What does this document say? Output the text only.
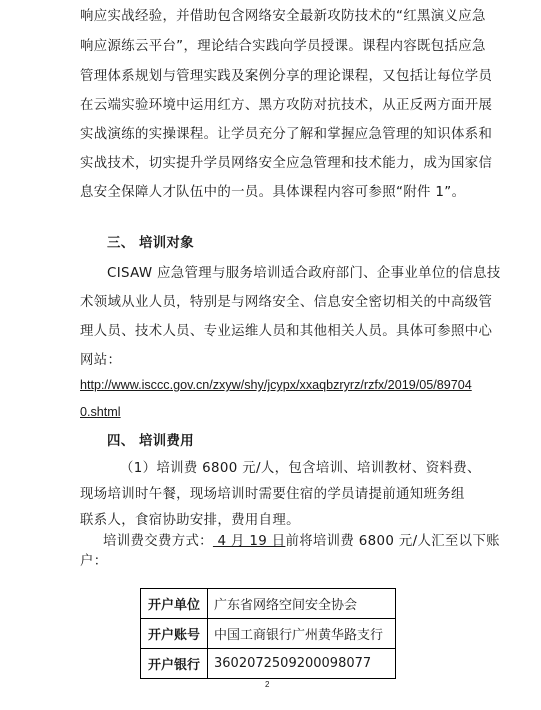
响应实战经验，并借助包含网络安全最新攻防技术的“红黑演义应急
响应源练云平台”，理论结合实践向学员授课。课程内容既包括应急
管理体系规划与管理实践及案例分享的理论课程，又包括让每位学员
在云端实验环境中运用红方、黑方攻防对抗技术，从正反两方面开展
实战演练的实操课程。让学员充分了解和掌握应急管理的知识体系和
实战技术，切实提升学员网络安全应急管理和技术能力，成为国家信
息安全保障人才队伍中的一员。具体课程内容可参照“附件 1”。
三、 培训对象
CISAW 应急管理与服务培训适合政府部门、企事业单位的信息技
术领域从业人员，特别是与网络安全、信息安全密切相关的中高级管
理人员、技术人员、专业运维人员和其他相关人员。具体可参照中心
网站：
http://www.isccc.gov.cn/zxyw/shy/jcypx/xxaqbzryrz/rzfx/2019/05/89704
0.shtml
四、 培训费用
（1）培训费 6800 元/人，包含培训、培训教材、资料费、
现场培训时午餐，现场培训时需要住宿的学员请提前通知班务组
联系人，食宿协助安排，费用自理。
培训费交费方式： 4 月 19 日前将培训费 6800 元/人汇至以下账
户：
开户单位	广东省网络空间安全协会
开户账号	中国工商银行广州黄华路支行
开户银行	3602072509200098077
2
